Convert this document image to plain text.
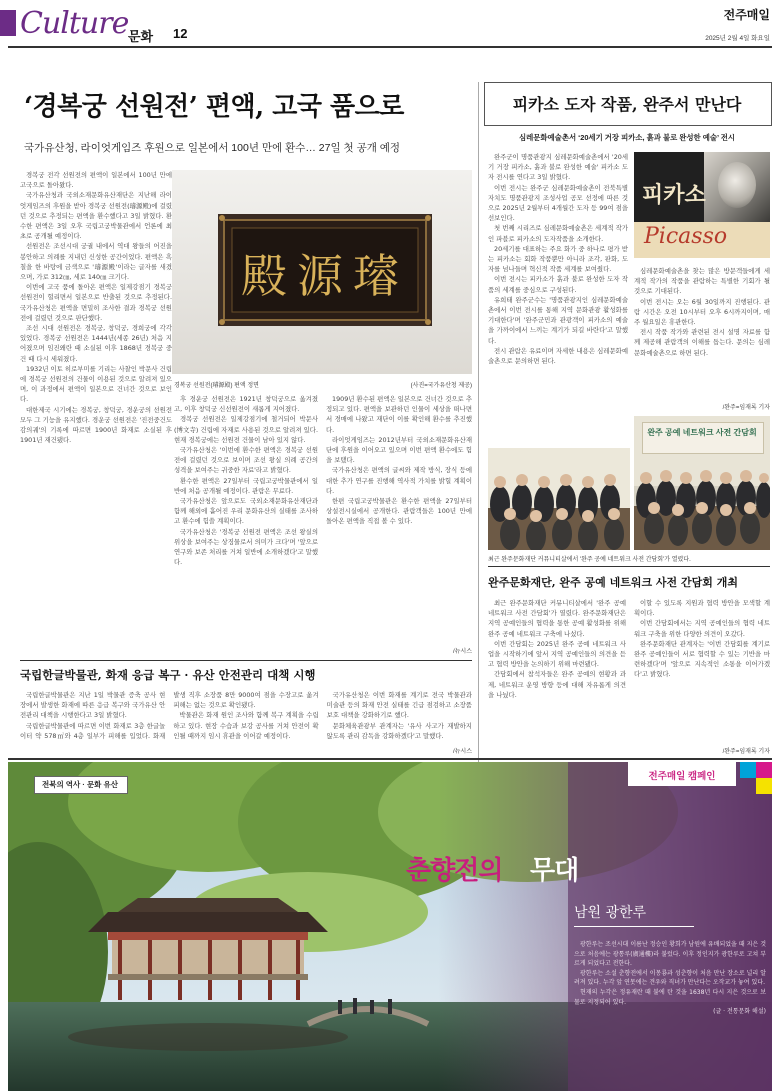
Culture 문화 12
전주매일
2025년 2월 4일 화요일
‘경복궁 선원전’ 편액, 고국 품으로
국가유산청, 라이엇게임즈 후원으로 일본에서 100년 만에 환수… 27일 첫 공개 예정

경복궁 전각 선원전의 편액이 일본에서 100년 만에 고국으로 돌아왔다.

국가유산청과 국외소재문화유산재단은 지난해 라이엇게임즈의 후원을 받아 경복궁 선원전(璿源殿)에 걸렸던 것으로 추정되는 편액을 환수했다고 3일 밝혔다. 환수한 편액은 3일 오후 국립고궁박물관에서 언론에 최초로 공개될 예정이다.

선원전은 조선시대 궁궐 내에서 역대 왕들의 어진을 봉안하고 의례를 지내던 신성한 공간이었다. 편액은 흑칠을 한 바탕에 금색으로 '璿源殿'이라는 글자를 새겼으며, 가로 312㎝, 세로 140㎝ 크기다.

이번에 고국 품에 돌아온 편액은 일제강점기 경복궁 선원전이 헐리면서 일본으로 반출된 것으로 추정된다. 국가유산청은 편액을 면밀히 조사한 결과 경복궁 선원전에 걸렸던 것으로 판단했다.

조선 시대 선원전은 경복궁, 창덕궁, 경희궁에 각각 있었다. 경복궁 선원전은 1444년(세종 26년) 처음 지어졌으며 임진왜란 때 소실된 이후 1868년 경복궁 중건 때 다시 세워졌다.

1932년 이토 히로부미를 기리는 사찰인 박문사 건립에 경복궁 선원전의 건물이 이용된 것으로 알려져 있으며, 이 과정에서 편액이 일본으로 건너간 것으로 보인다.

대한제국 시기에는 경복궁, 창덕궁, 경운궁의 선원전 모두 그 기능을 유지했다. 경운궁 선원전은 '진전중건도감의궤'의 기록에 따르면 1900년 화재로 소실된 후 1901년 재건됐다.

璿源殿
경복궁 선원전(璿源殿) 편액 정면	(사진=국가유산청 제공)

후 경운궁 선원전은 1921년 창덕궁으로 옮겨졌고, 이후 창덕궁 신선원전이 새롭게 지어졌다.

경복궁 선원전은 일제강점기에 철거되어 박문사(博文寺) 건립에 자재로 사용된 것으로 알려져 있다. 현재 경복궁에는 선원전 건물이 남아 있지 않다.

국가유산청은 '이번에 환수한 편액은 경복궁 선원전에 걸렸던 것으로 보이며 조선 왕실 의례 공간의 성격을 보여주는 귀중한 자료'라고 밝혔다.

환수한 편액은 27일부터 국립고궁박물관에서 일반에 처음 공개될 예정이다. 관람은 무료다.

국가유산청은 앞으로도 국외소재문화유산재단과 함께 해외에 흩어진 우리 문화유산의 실태를 조사하고 환수에 힘쓸 계획이다.

국가유산청은 '경복궁 선원전 편액은 조선 왕실의 위상을 보여주는 상징물로서 의미가 크다'며 '앞으로 연구와 보존 처리를 거쳐 일반에 소개하겠다'고 말했다.

1909년 환수된 편액은 일본으로 건너간 것으로 추정되고 있다. 편액을 보관하던 인물이 세상을 떠나면서 경매에 나왔고 재단이 이를 확인해 환수를 추진했다.

라이엇게임즈는 2012년부터 국외소재문화유산재단에 후원을 이어오고 있으며 이번 편액 환수에도 힘을 보탰다.

국가유산청은 편액의 글씨와 제작 방식, 장식 등에 대한 추가 연구를 진행해 역사적 가치를 밝힐 계획이다.

한편 국립고궁박물관은 환수한 편액을 27일부터 상설전시실에서 공개한다. 관람객들은 100년 만에 돌아온 편액을 직접 볼 수 있다.

/뉴시스
국립한글박물관, 화재 응급 복구 · 유산 안전관리 대책 시행

국립한글박물관은 지난 1일 박물관 증축 공사 현장에서 발생한 화재에 따른 응급 복구와 국가유산 안전관리 대책을 시행한다고 3일 밝혔다.

국립한글박물관에 따르면 이번 화재로 3층 한글놀이터 약 578㎡와 4층 일부가 피해를 입었다. 화재 발생 직후 소장품 8만 9000여 점을 수장고로 옮겨 피해는 없는 것으로 확인됐다.

박물관은 화재 원인 조사와 함께 복구 계획을 수립하고 있다. 현장 수습과 보강 공사를 거쳐 안전이 확인될 때까지 임시 휴관을 이어갈 예정이다.

국가유산청은 이번 화재를 계기로 전국 박물관과 미술관 등의 화재 안전 실태를 긴급 점검하고 소장품 보호 대책을 강화하기로 했다.

문화체육관광부 관계자는 '유사 사고가 재발하지 않도록 관리 감독을 강화하겠다'고 말했다.

/뉴시스
피카소 도자 작품, 완주서 만난다
심레문화예술촌서 ‘20세기 거장 피카소, 흙과 불로 완성한 예술’ 전시

완주군이 명품관광지 심레문화예술촌에서 '20세기 거장 피카소, 흙과 불로 완성한 예술' 피카소 도자 전시를 연다고 3일 밝혔다.

이번 전시는 완주군 심레문화예술촌이 전북특별자치도 명품관광지 조성사업 공모 선정에 따른 것으로 2025년 2월부터 4개월간 도자 등 99여 점을 선보인다.

첫 번째 시리즈로 심레문화예술촌은 세계적 작가인 파블로 피카소의 도자작품을 소개한다.

20세기를 대표하는 주요 화가 중 하나로 평가 받는 피카소는 회화 작품뿐만 아니라 조각, 판화, 도자를 넘나들며 혁신적 작품 세계를 보여줬다.

이번 전시는 피카소가 흙과 불로 완성한 도자 작품의 세계를 중심으로 구성된다.

유희태 완주군수는 '명품관광지인 심레문화예술촌에서 이번 전시를 통해 지역 문화관광 활성화를 기대한다'며 '완주군민과 관광객이 피카소의 예술을 가까이에서 느끼는 계기가 되길 바란다'고 말했다.

전시 관람은 유료이며 자세한 내용은 심레문화예술촌으로 문의하면 된다.

피카소
Picasso

심레문화예술촌을 찾는 많은 방문객들에게 세계적 작가의 작품을 관람하는 특별한 기회가 될 것으로 기대된다.

이번 전시는 오는 6월 30일까지 진행된다. 관람 시간은 오전 10시부터 오후 6시까지이며, 매주 월요일은 휴관한다.

전시 작품 작가와 관련된 전시 설명 자료를 함께 제공해 관람객의 이해를 돕는다. 문의는 심레문화예술촌으로 하면 된다.

/완주=임재록 기자
완주 공예 네트워크 사전 간담회
최근 완주문화재단 커뮤니티살에서 '완주 공예 네트워크 사전 간담회'가 열렸다.
완주문화재단, 완주 공예 네트워크 사전 간담회 개최

최근 완주문화재단 커뮤니티살에서 '완주 공예 네트워크 사전 간담회'가 열렸다. 완주문화재단은 지역 공예인들의 협력을 통한 공예 활성화를 위해 완주 공예 네트워크 구축에 나섰다.

이번 간담회는 2025년 완주 공예 네트워크 사업을 시작하기에 앞서 지역 공예인들의 의견을 듣고 협력 방안을 논의하기 위해 마련됐다.

간담회에서 참석자들은 완주 공예의 현황과 과제, 네트워크 운영 방향 등에 대해 자유롭게 의견을 나눴다.

이할 수 있도록 지원과 협력 방안을 모색할 계획이다.

이번 간담회에서는 지역 공예인들의 협력 네트워크 구축을 위한 다양한 의견이 오갔다.

완주문화재단 관계자는 '이번 간담회를 계기로 완주 공예인들이 서로 협력할 수 있는 기반을 마련하겠다'며 '앞으로 지속적인 소통을 이어가겠다'고 밝혔다.

/완주=임재록 기자
전주매일 캠페인
전북의 역사 · 문화 유산
춘향전의 무대
남원 광한루

광한루는 조선시대 이름난 정승인 황희가 남원에 유배되었을 때 지은 것으로 처음에는 광통루(廣通樓)라 불렀다. 이후 정인지가 광한루로 고쳐 부르게 되었다고 전한다.

광한루는 소설 춘향전에서 이몽룡과 성춘향이 처음 만난 장소로 널리 알려져 있다. 누각 앞 연못에는 견우와 직녀가 만난다는 오작교가 놓여 있다.

현재의 누각은 정유재란 때 불에 탄 것을 1638년 다시 지은 것으로 보물로 지정되어 있다.

(글 · 전통문화 해설)
